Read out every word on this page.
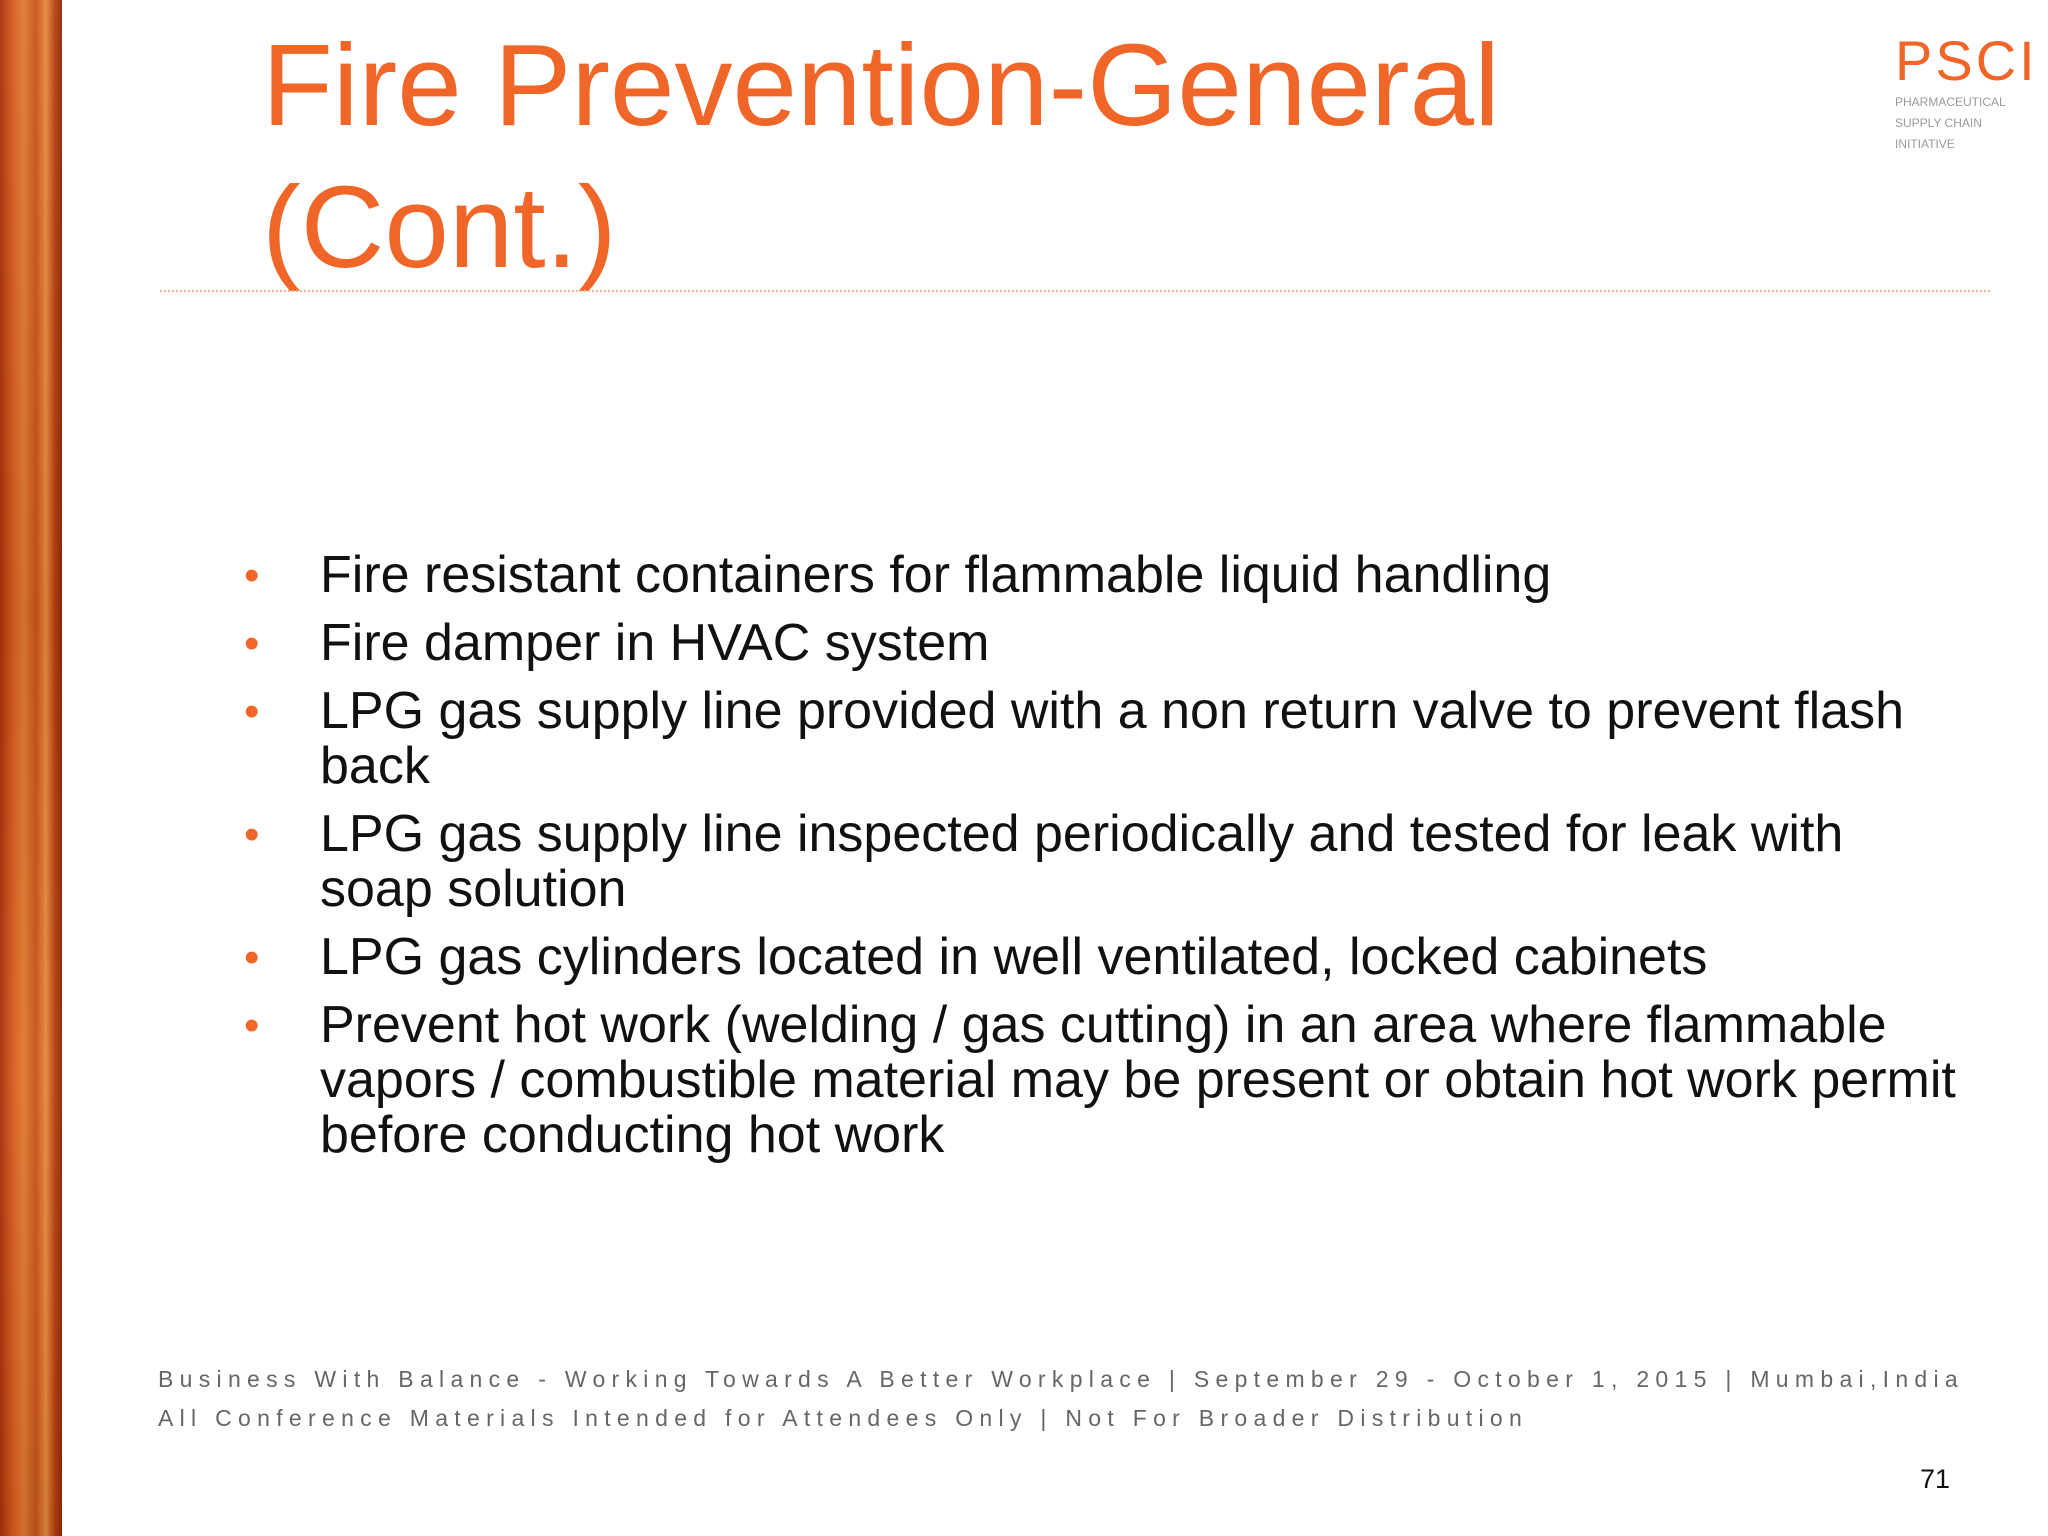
Fire Prevention-General (Cont.)
PSCI
PHARMACEUTICAL
SUPPLY CHAIN
INITIATIVE
• Fire resistant containers for flammable liquid handling
• Fire damper in HVAC system
• LPG gas supply line provided with a non return valve to prevent flash back
• LPG gas supply line inspected periodically and tested for leak with soap solution
• LPG gas cylinders located in well ventilated, locked cabinets
• Prevent hot work (welding / gas cutting) in an area where flammable vapors / combustible material may be present or obtain hot work permit before conducting hot work
Business With Balance - Working Towards A Better Workplace | September 29 - October 1, 2015 | Mumbai,India
All Conference Materials Intended for Attendees Only | Not For Broader Distribution
71
